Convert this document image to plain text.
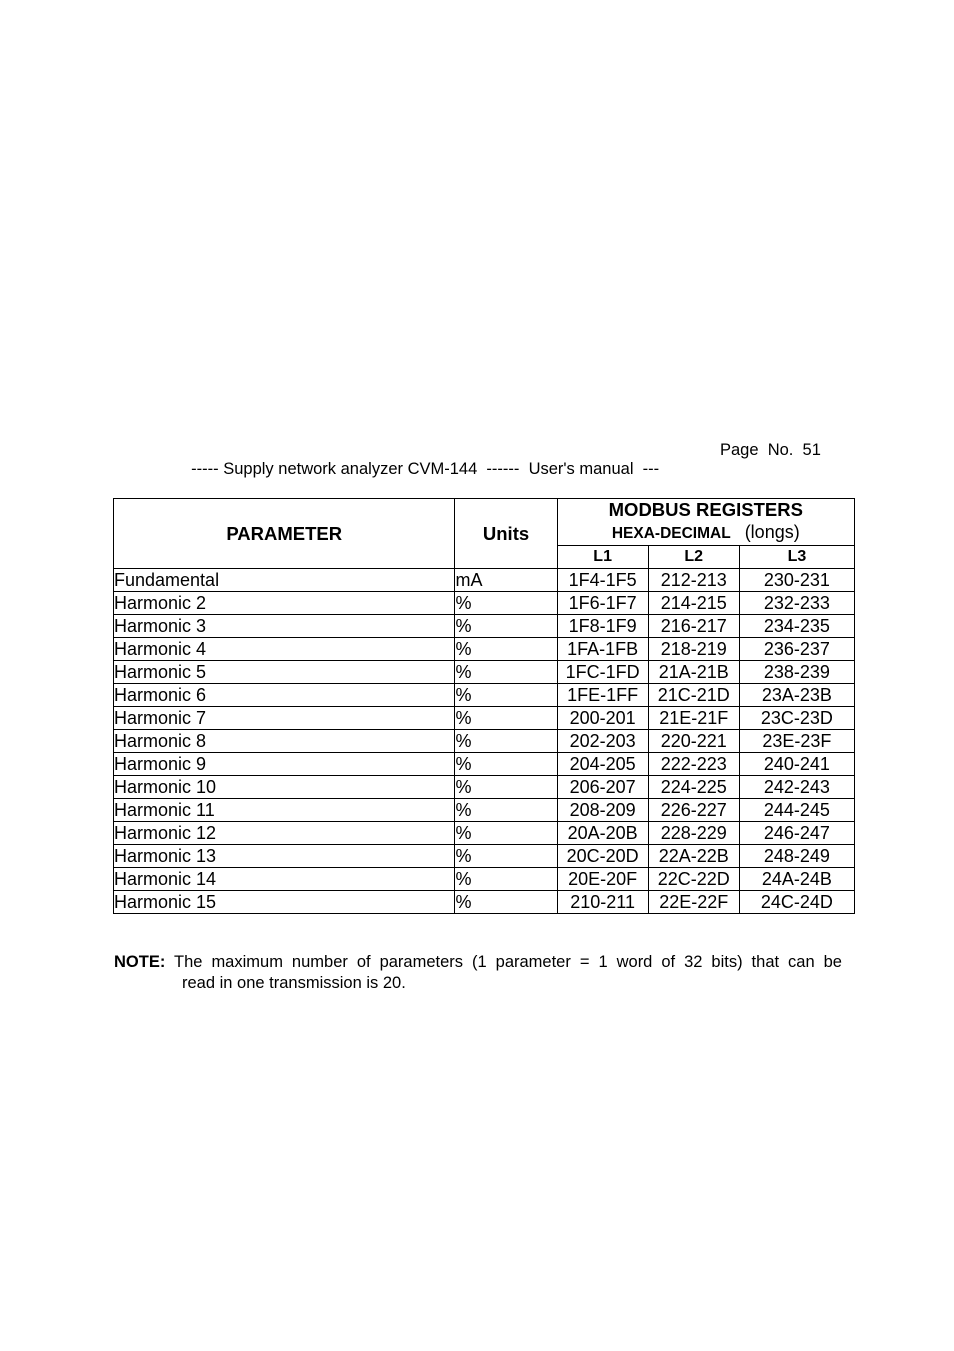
----- Supply network analyzer CVM-144  ------  User's manual  ---

Page  No.  51

PARAMETER	Units	MODBUS REGISTERS
HEXA-DECIMAL (longs)		
		L1	L2	L3
Fundamental	mA	1F4-1F5	212-213	230-231
Harmonic 2	%	1F6-1F7	214-215	232-233
Harmonic 3	%	1F8-1F9	216-217	234-235
Harmonic 4	%	1FA-1FB	218-219	236-237
Harmonic 5	%	1FC-1FD	21A-21B	238-239
Harmonic 6	%	1FE-1FF	21C-21D	23A-23B
Harmonic 7	%	200-201	21E-21F	23C-23D
Harmonic 8	%	202-203	220-221	23E-23F
Harmonic 9	%	204-205	222-223	240-241
Harmonic 10	%	206-207	224-225	242-243
Harmonic 11	%	208-209	226-227	244-245
Harmonic 12	%	20A-20B	228-229	246-247
Harmonic 13	%	20C-20D	22A-22B	248-249
Harmonic 14	%	20E-20F	22C-22D	24A-24B
Harmonic 15	%	210-211	22E-22F	24C-24D
NOTE: The maximum number of parameters (1 parameter = 1 word of 32 bits) that can be
read in one transmission is 20.
